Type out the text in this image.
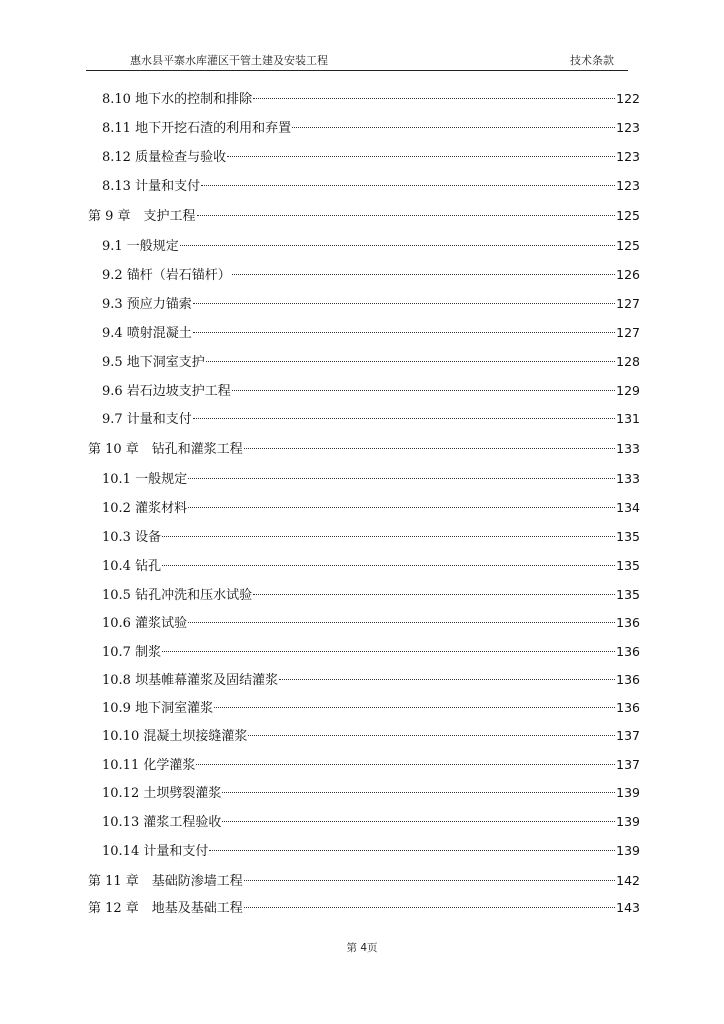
惠水县平寨水库灌区干管土建及安装工程	技术条款
8.10 地下水的控制和排除	122
8.11 地下开挖石渣的利用和弃置	123
8.12 质量检查与验收	123
8.13 计量和支付	123
第 9 章　支护工程	125
9.1 一般规定	125
9.2 锚杆（岩石锚杆）	126
9.3 预应力锚索	127
9.4 喷射混凝土	127
9.5 地下洞室支护	128
9.6 岩石边坡支护工程	129
9.7 计量和支付	131
第 10 章　钻孔和灌浆工程	133
10.1 一般规定	133
10.2 灌浆材料	134
10.3 设备	135
10.4 钻孔	135
10.5 钻孔冲洗和压水试验	135
10.6 灌浆试验	136
10.7 制浆	136
10.8 坝基帷幕灌浆及固结灌浆	136
10.9 地下洞室灌浆	136
10.10 混凝土坝接缝灌浆	137
10.11 化学灌浆	137
10.12 土坝劈裂灌浆	139
10.13 灌浆工程验收	139
10.14 计量和支付	139
第 11 章　基础防渗墙工程	142
第 12 章　地基及基础工程	143
第 4页
